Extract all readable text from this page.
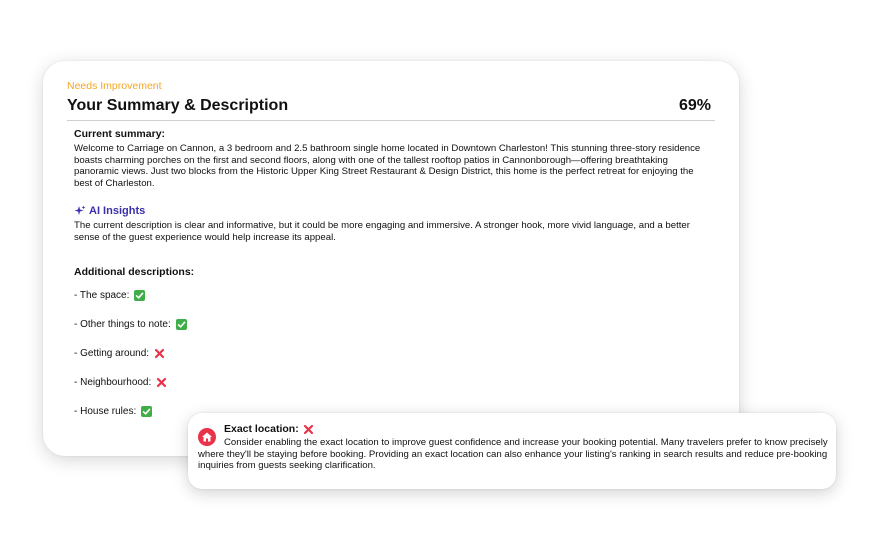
Needs Improvement
Your Summary & Description	69%
Current summary:
Welcome to Carriage on Cannon, a 3 bedroom and 2.5 bathroom single home located in Downtown Charleston! This stunning three-story residence boasts charming porches on the first and second floors, along with one of the tallest rooftop patios in Cannonborough—offering breathtaking panoramic views. Just two blocks from the Historic Upper King Street Restaurant & Design District, this home is the perfect retreat for enjoying the best of Charleston.
AI Insights
The current description is clear and informative, but it could be more engaging and immersive. A stronger hook, more vivid language, and a better sense of the guest experience would help increase its appeal.
Additional descriptions:
- The space:
- Other things to note:
- Getting around:
- Neighbourhood:
- House rules:
Exact location:
Consider enabling the exact location to improve guest confidence and increase your booking potential. Many travelers prefer to know precisely where they'll be staying before booking. Providing an exact location can also enhance your listing's ranking in search results and reduce pre-booking inquiries from guests seeking clarification.
